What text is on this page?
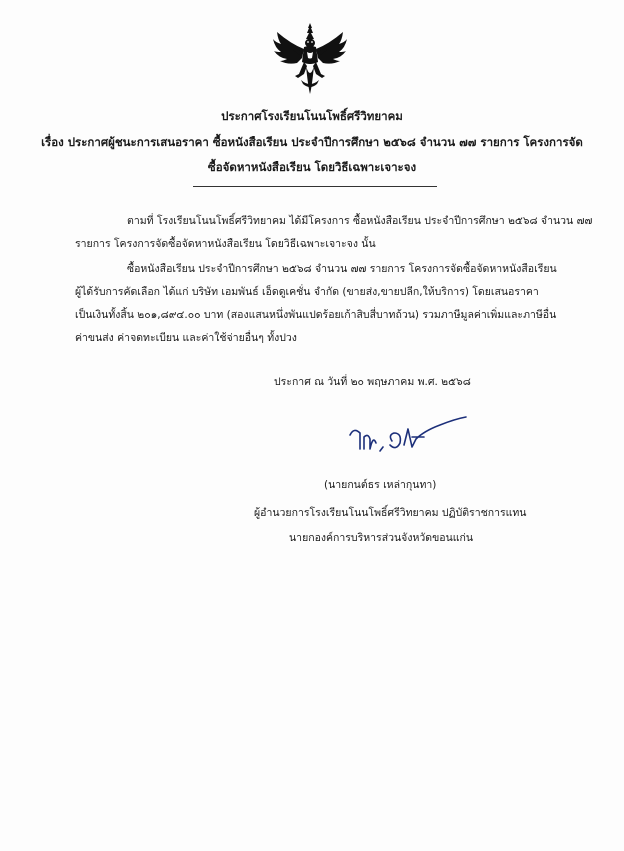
ประกาศโรงเรียนโนนโพธิ์ศรีวิทยาคม
เรื่อง ประกาศผู้ชนะการเสนอราคา ซื้อหนังสือเรียน ประจำปีการศึกษา ๒๕๖๘ จำนวน ๗๗ รายการ โครงการจัด
ซื้อจัดหาหนังสือเรียน โดยวิธีเฉพาะเจาะจง
ตามที่ โรงเรียนโนนโพธิ์ศรีวิทยาคม ได้มีโครงการ ซื้อหนังสือเรียน ประจำปีการศึกษา ๒๕๖๘ จำนวน ๗๗
รายการ โครงการจัดซื้อจัดหาหนังสือเรียน โดยวิธีเฉพาะเจาะจง นั้น
ซื้อหนังสือเรียน ประจำปีการศึกษา ๒๕๖๘ จำนวน ๗๗ รายการ โครงการจัดซื้อจัดหาหนังสือเรียน
ผู้ได้รับการคัดเลือก ได้แก่ บริษัท เอมพันธ์ เอ็ดดูเคชั่น จำกัด (ขายส่ง,ขายปลีก,ให้บริการ) โดยเสนอราคา
เป็นเงินทั้งสิ้น ๒๐๑,๘๙๔.๐๐ บาท (สองแสนหนึ่งพันแปดร้อยเก้าสิบสี่บาทถ้วน) รวมภาษีมูลค่าเพิ่มและภาษีอื่น
ค่าขนส่ง ค่าจดทะเบียน และค่าใช้จ่ายอื่นๆ ทั้งปวง
ประกาศ ณ วันที่ ๒๐ พฤษภาคม พ.ศ. ๒๕๖๘
(นายกนต์ธร เหล่ากุนทา)
ผู้อำนวยการโรงเรียนโนนโพธิ์ศรีวิทยาคม ปฏิบัติราชการแทน
นายกองค์การบริหารส่วนจังหวัดขอนแก่น
